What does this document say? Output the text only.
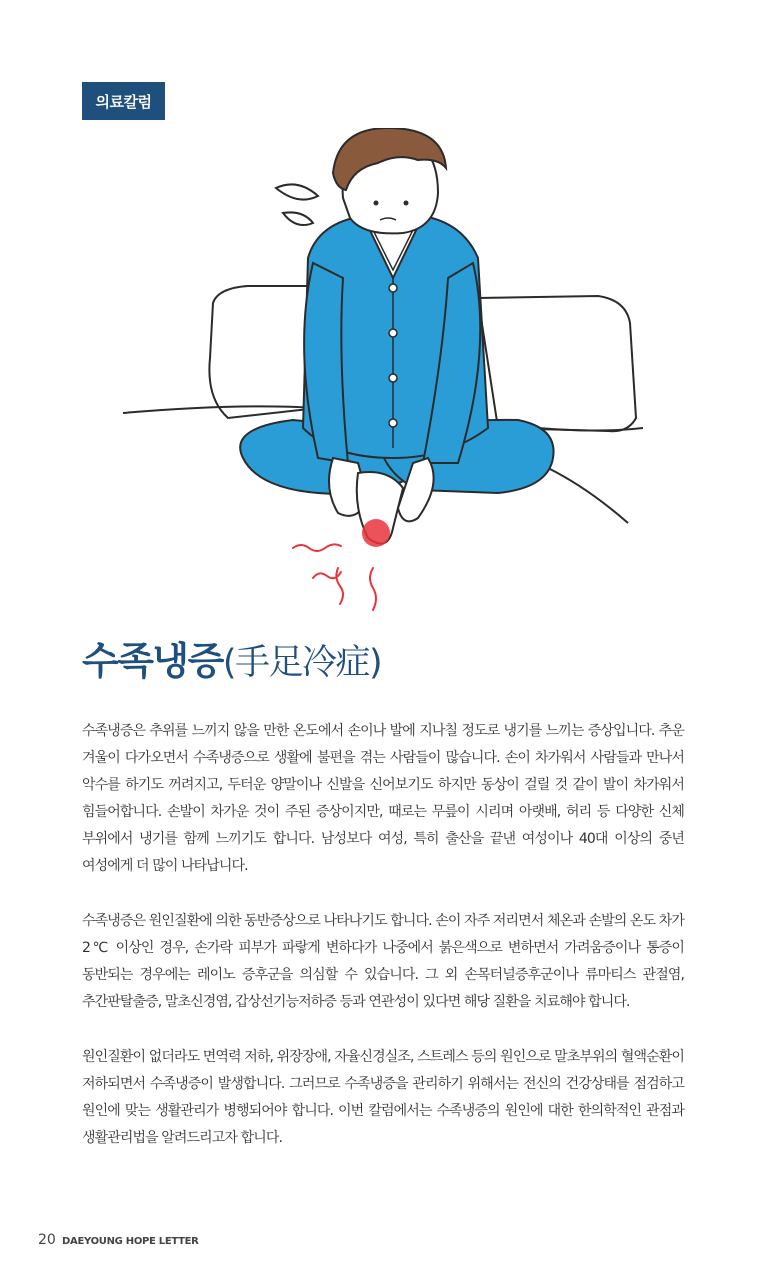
의료칼럼
수족냉증(手足冷症)

수족냉증은 추위를 느끼지 않을 만한 온도에서 손이나 발에 지나칠 정도로 냉기를 느끼는 증상입니다. 추운 겨울이 다가오면서 수족냉증으로 생활에 불편을 겪는 사람들이 많습니다. 손이 차가워서 사람들과 만나서 악수를 하기도 꺼려지고, 두터운 양말이나 신발을 신어보기도 하지만 동상이 걸릴 것 같이 발이 차가워서 힘들어합니다. 손발이 차가운 것이 주된 증상이지만, 때로는 무릎이 시리며 아랫배, 허리 등 다양한 신체 부위에서 냉기를 함께 느끼기도 합니다. 남성보다 여성, 특히 출산을 끝낸 여성이나 40대 이상의 중년 여성에게 더 많이 나타납니다.

수족냉증은 원인질환에 의한 동반증상으로 나타나기도 합니다. 손이 자주 저리면서 체온과 손발의 온도 차가 2℃ 이상인 경우, 손가락 피부가 파랗게 변하다가 나중에서 붉은색으로 변하면서 가려움증이나 통증이 동반되는 경우에는 레이노 증후군을 의심할 수 있습니다. 그 외 손목터널증후군이나 류마티스 관절염, 추간판탈출증, 말초신경염, 갑상선기능저하증 등과 연관성이 있다면 해당 질환을 치료해야 합니다.

원인질환이 없더라도 면역력 저하, 위장장애, 자율신경실조, 스트레스 등의 원인으로 말초부위의 혈액순환이 저하되면서 수족냉증이 발생합니다. 그러므로 수족냉증을 관리하기 위해서는 전신의 건강상태를 점검하고 원인에 맞는 생활관리가 병행되어야 합니다. 이번 칼럼에서는 수족냉증의 원인에 대한 한의학적인 관점과 생활관리법을 알려드리고자 합니다.

20 DAEYOUNG HOPE LETTER
